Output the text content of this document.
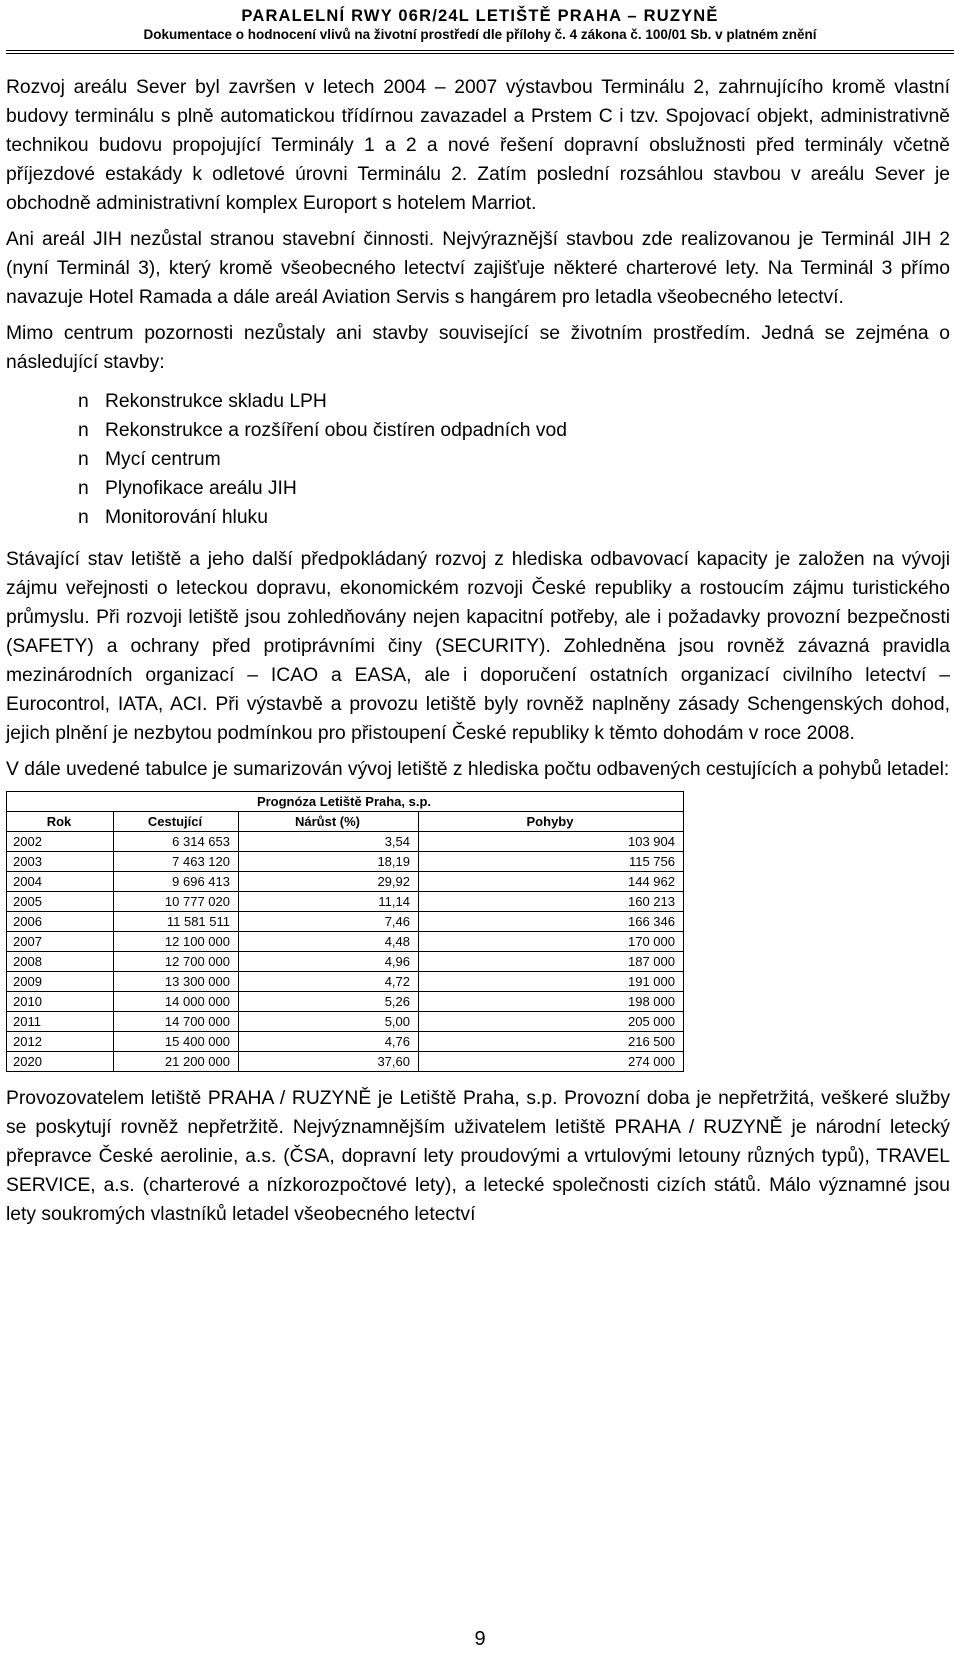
PARALELNÍ RWY 06R/24L LETIŠTĚ PRAHA – RUZYNĚ
Dokumentace o hodnocení vlivů na životní prostředí dle přílohy č. 4 zákona č. 100/01 Sb. v platném znění

Rozvoj areálu Sever byl završen v letech 2004 – 2007 výstavbou Terminálu 2, zahrnujícího kromě vlastní budovy terminálu s plně automatickou třídírnou zavazadel a Prstem C i tzv. Spojovací objekt, administrativně technikou budovu propojující Terminály 1 a 2 a nové řešení dopravní obslužnosti před terminály včetně příjezdové estakády k odletové úrovni Terminálu 2. Zatím poslední rozsáhlou stavbou v areálu Sever je obchodně administrativní komplex Europort s hotelem Marriot.

Ani areál JIH nezůstal stranou stavební činnosti. Nejvýraznější stavbou zde realizovanou je Terminál JIH 2 (nyní Terminál 3), který kromě všeobecného letectví zajišťuje některé charterové lety. Na Terminál 3 přímo navazuje Hotel Ramada a dále areál Aviation Servis s hangárem pro letadla všeobecného letectví.

Mimo centrum pozornosti nezůstaly ani stavby související se životním prostředím. Jedná se zejména o následující stavby:

n Rekonstrukce skladu LPH
n Rekonstrukce a rozšíření obou čistíren odpadních vod
n Mycí centrum
n Plynofikace areálu JIH
n Monitorování hluku

Stávající stav letiště a jeho další předpokládaný rozvoj z hlediska odbavovací kapacity je založen na vývoji zájmu veřejnosti o leteckou dopravu, ekonomickém rozvoji České republiky a rostoucím zájmu turistického průmyslu. Při rozvoji letiště jsou zohledňovány nejen kapacitní potřeby, ale i požadavky provozní bezpečnosti (SAFETY) a ochrany před protiprávními činy (SECURITY). Zohledněna jsou rovněž závazná pravidla mezinárodních organizací – ICAO a EASA, ale i doporučení ostatních organizací civilního letectví – Eurocontrol, IATA, ACI. Při výstavbě a provozu letiště byly rovněž naplněny zásady Schengenských dohod, jejich plnění je nezbytou podmínkou pro přistoupení České republiky k těmto dohodám v roce 2008.

V dále uvedené tabulce je sumarizován vývoj letiště z hlediska počtu odbavených cestujících a pohybů letadel:

Prognóza Letiště Praha, s.p.			
Rok	Cestující	Nárůst (%)	Pohyby
2002	6 314 653	3,54	103 904
2003	7 463 120	18,19	115 756
2004	9 696 413	29,92	144 962
2005	10 777 020	11,14	160 213
2006	11 581 511	7,46	166 346
2007	12 100 000	4,48	170 000
2008	12 700 000	4,96	187 000
2009	13 300 000	4,72	191 000
2010	14 000 000	5,26	198 000
2011	14 700 000	5,00	205 000
2012	15 400 000	4,76	216 500
2020	21 200 000	37,60	274 000

Provozovatelem letiště PRAHA / RUZYNĚ je Letiště Praha, s.p. Provozní doba je nepřetržitá, veškeré služby se poskytují rovněž nepřetržitě. Nejvýznamnějším uživatelem letiště PRAHA / RUZYNĚ je národní letecký přepravce České aerolinie, a.s. (ČSA, dopravní lety proudovými a vrtulovými letouny různých typů), TRAVEL SERVICE, a.s. (charterové a nízkorozpočtové lety), a letecké společnosti cizích států. Málo významné jsou lety soukromých vlastníků letadel všeobecného letectví

9
